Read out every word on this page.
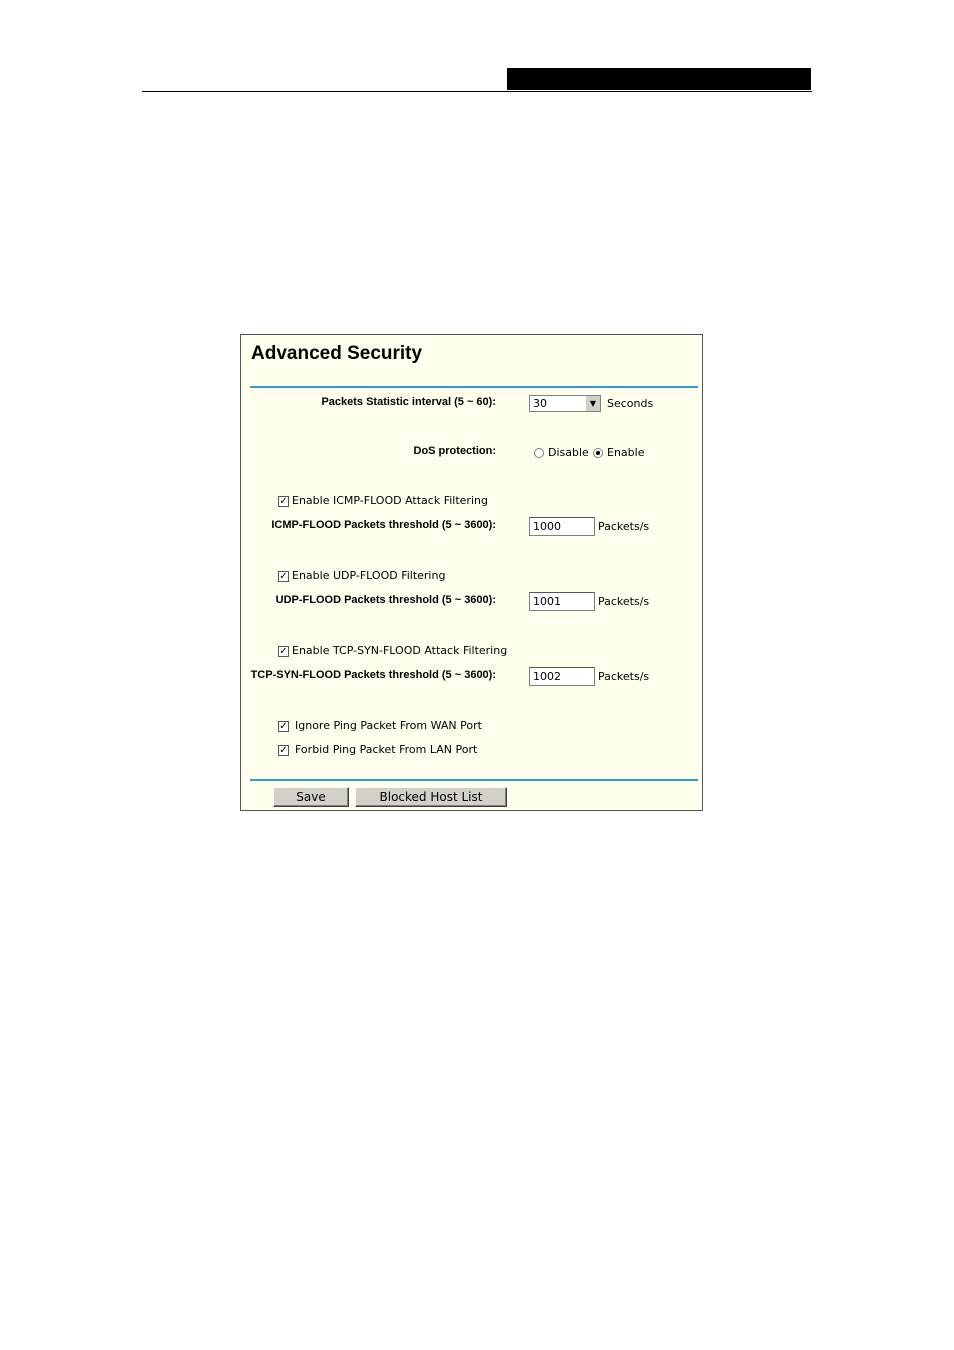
Advanced Security
Packets Statistic interval (5 ~ 60):	30	▼ Seconds
DoS protection:	Disable Enable
✓ Enable ICMP-FLOOD Attack Filtering
ICMP-FLOOD Packets threshold (5 ~ 3600):
1000	Packets/s
✓ Enable UDP-FLOOD Filtering
UDP-FLOOD Packets threshold (5 ~ 3600):
1001	Packets/s
✓ Enable TCP-SYN-FLOOD Attack Filtering
TCP-SYN-FLOOD Packets threshold (5 ~ 3600):
1002	Packets/s
✓ Ignore Ping Packet From WAN Port
✓ Forbid Ping Packet From LAN Port
Save	Blocked Host List
